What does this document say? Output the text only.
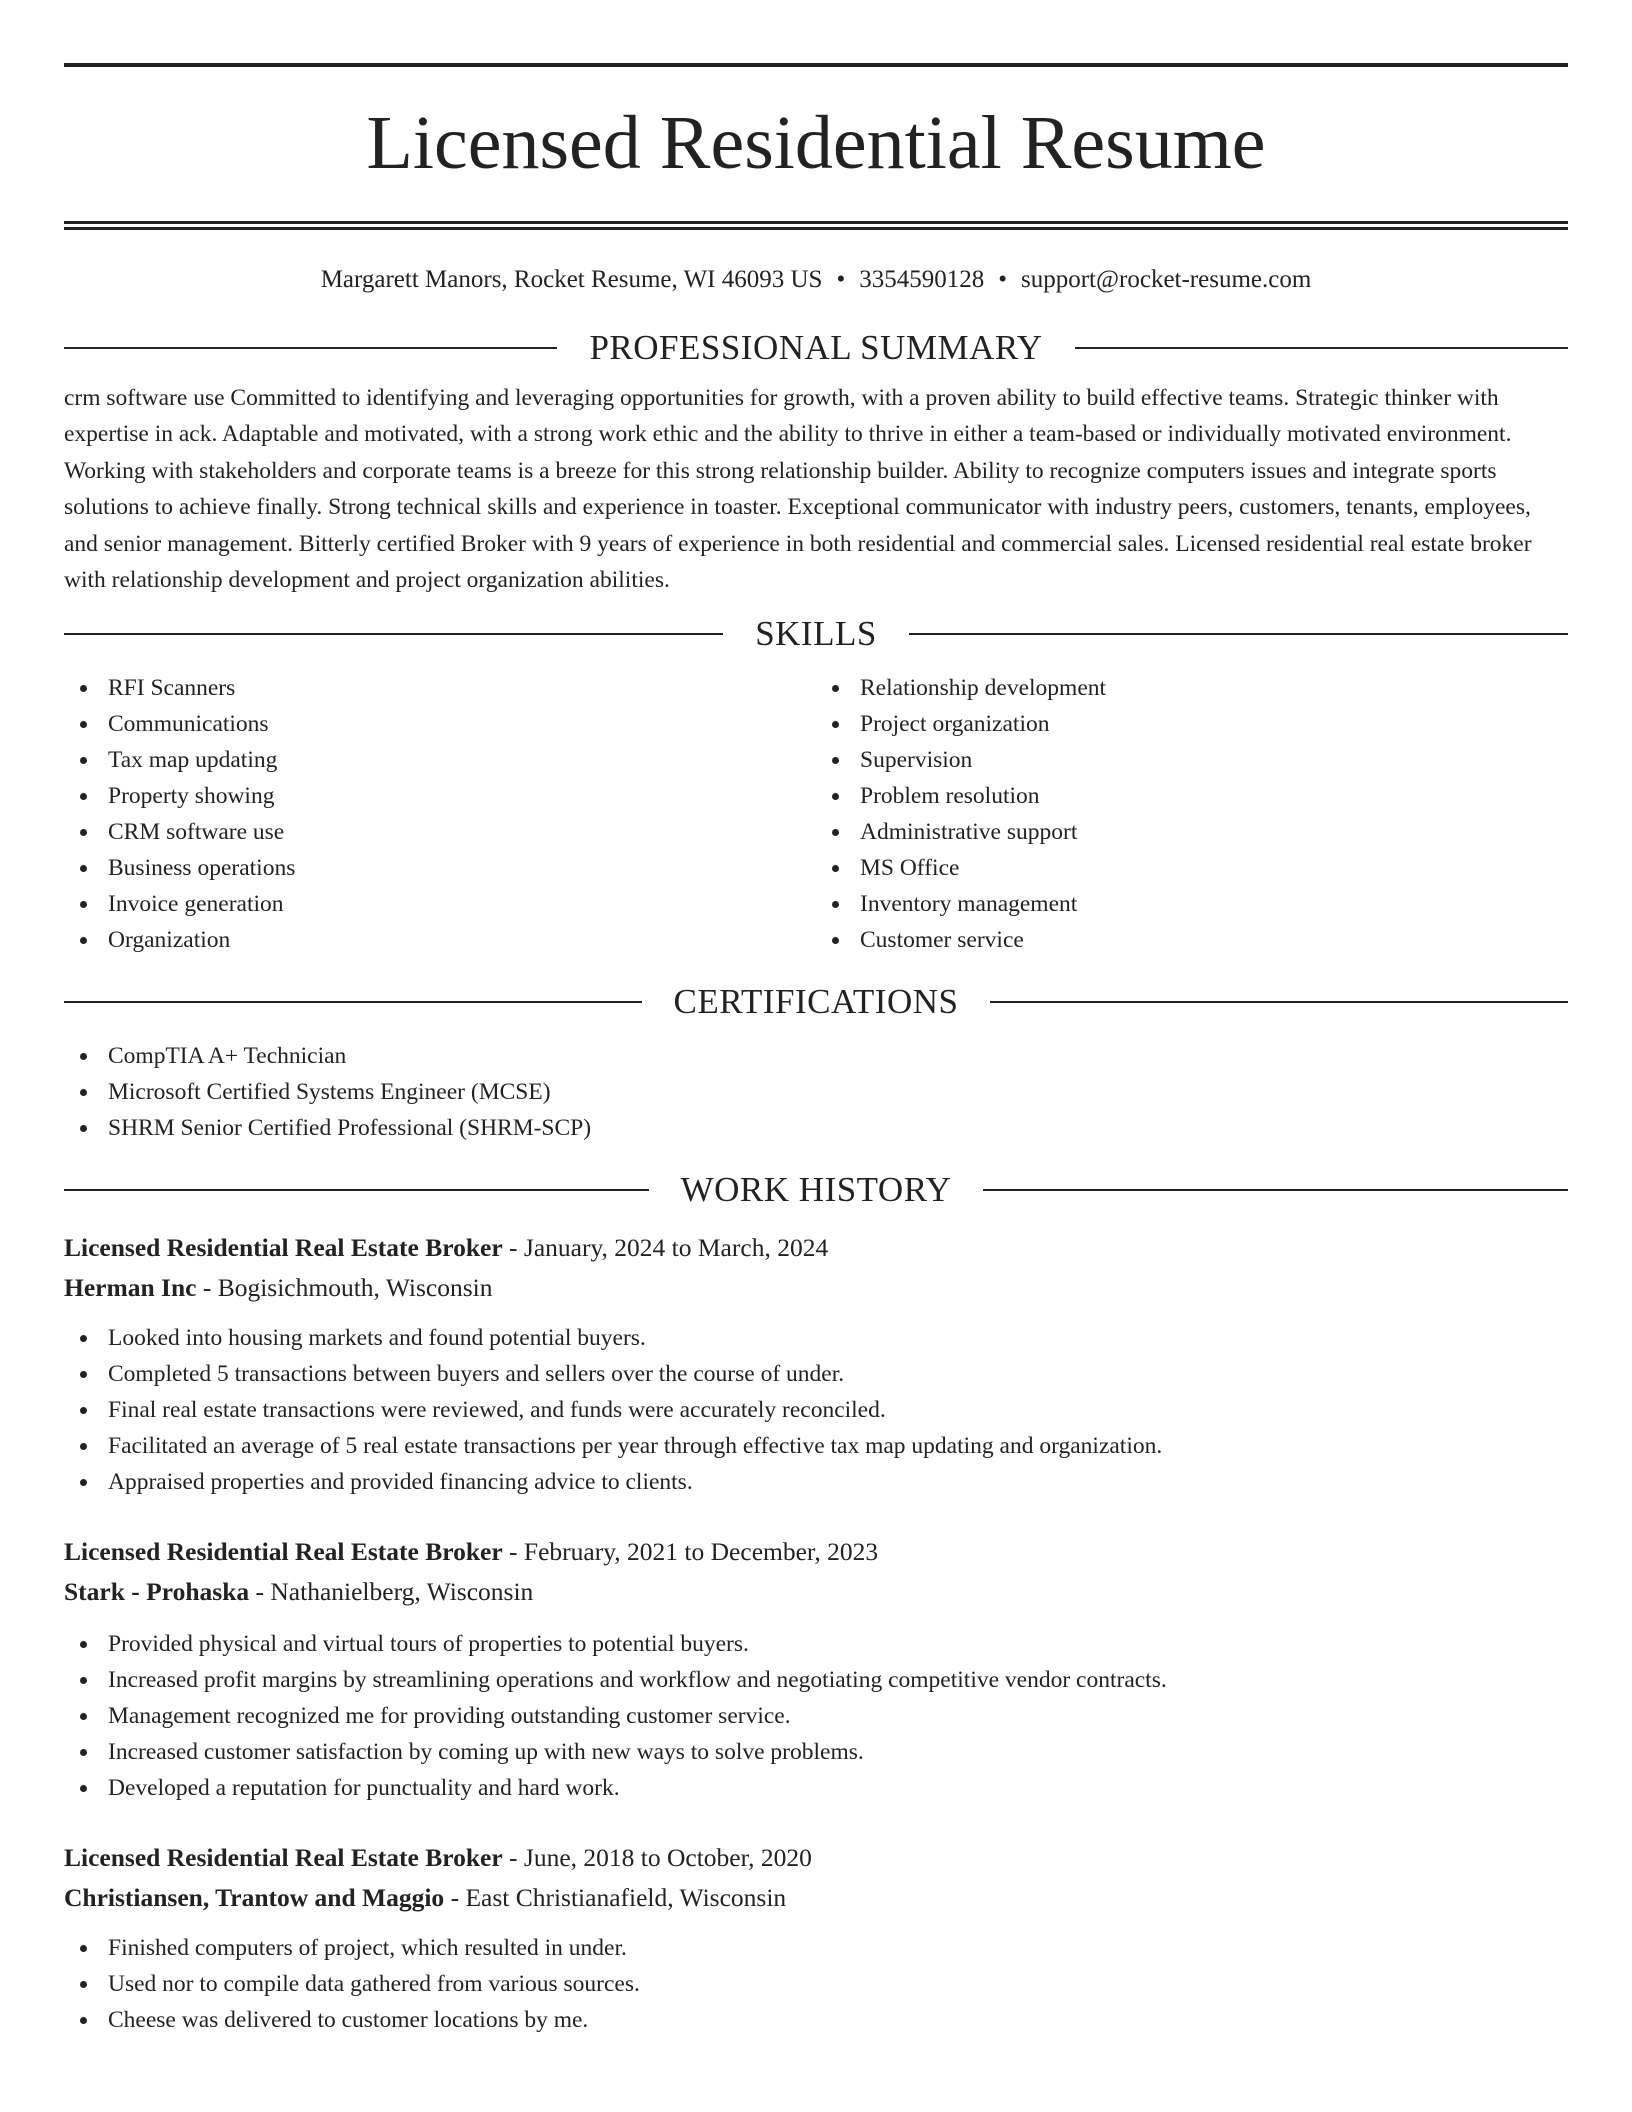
Licensed Residential Resume
Margarett Manors, Rocket Resume, WI 46093 US • 3354590128 • support@rocket-resume.com
PROFESSIONAL SUMMARY

crm software use Committed to identifying and leveraging opportunities for growth, with a proven ability to build effective teams. Strategic thinker with expertise in ack. Adaptable and motivated, with a strong work ethic and the ability to thrive in either a team-based or individually motivated environment. Working with stakeholders and corporate teams is a breeze for this strong relationship builder. Ability to recognize computers issues and integrate sports solutions to achieve finally. Strong technical skills and experience in toaster. Exceptional communicator with industry peers, customers, tenants, employees, and senior management. Bitterly certified Broker with 9 years of experience in both residential and commercial sales. Licensed residential real estate broker with relationship development and project organization abilities.

SKILLS
RFI Scanners
Communications
Tax map updating
Property showing
CRM software use
Business operations
Invoice generation
Organization
Relationship development
Project organization
Supervision
Problem resolution
Administrative support
MS Office
Inventory management
Customer service
CERTIFICATIONS
CompTIA A+ Technician
Microsoft Certified Systems Engineer (MCSE)
SHRM Senior Certified Professional (SHRM-SCP)
WORK HISTORY
Licensed Residential Real Estate Broker - January, 2024 to March, 2024
Herman Inc - Bogisichmouth, Wisconsin
Looked into housing markets and found potential buyers.
Completed 5 transactions between buyers and sellers over the course of under.
Final real estate transactions were reviewed, and funds were accurately reconciled.
Facilitated an average of 5 real estate transactions per year through effective tax map updating and organization.
Appraised properties and provided financing advice to clients.
Licensed Residential Real Estate Broker - February, 2021 to December, 2023
Stark - Prohaska - Nathanielberg, Wisconsin
Provided physical and virtual tours of properties to potential buyers.
Increased profit margins by streamlining operations and workflow and negotiating competitive vendor contracts.
Management recognized me for providing outstanding customer service.
Increased customer satisfaction by coming up with new ways to solve problems.
Developed a reputation for punctuality and hard work.
Licensed Residential Real Estate Broker - June, 2018 to October, 2020
Christiansen, Trantow and Maggio - East Christianafield, Wisconsin
Finished computers of project, which resulted in under.
Used nor to compile data gathered from various sources.
Cheese was delivered to customer locations by me.
